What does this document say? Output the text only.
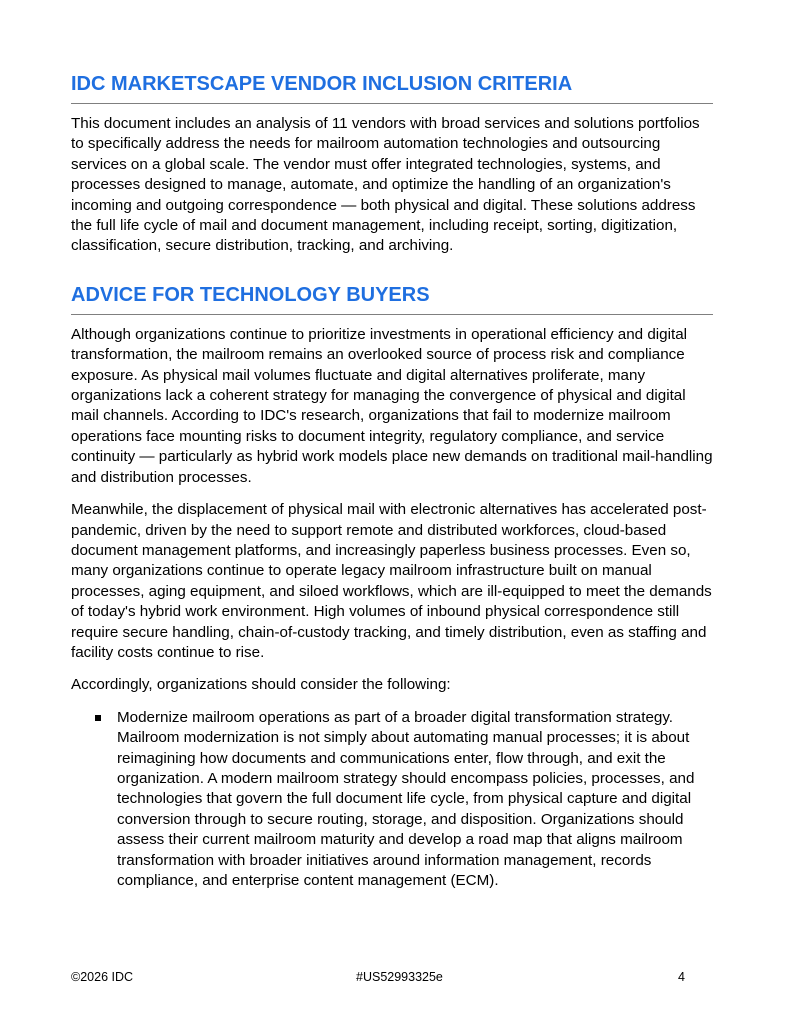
IDC MARKETSCAPE VENDOR INCLUSION CRITERIA

This document includes an analysis of 11 vendors with broad services and solutions portfolios to specifically address the needs for mailroom automation technologies and outsourcing services on a global scale. The vendor must offer integrated technologies, systems, and processes designed to manage, automate, and optimize the handling of an organization's incoming and outgoing correspondence — both physical and digital. These solutions address the full life cycle of mail and document management, including receipt, sorting, digitization, classification, secure distribution, tracking, and archiving.

ADVICE FOR TECHNOLOGY BUYERS

Although organizations continue to prioritize investments in operational efficiency and digital transformation, the mailroom remains an overlooked source of process risk and compliance exposure. As physical mail volumes fluctuate and digital alternatives proliferate, many organizations lack a coherent strategy for managing the convergence of physical and digital mail channels. According to IDC's research, organizations that fail to modernize mailroom operations face mounting risks to document integrity, regulatory compliance, and service continuity — particularly as hybrid work models place new demands on traditional mail-handling and distribution processes.

Meanwhile, the displacement of physical mail with electronic alternatives has accelerated post-pandemic, driven by the need to support remote and distributed workforces, cloud-based document management platforms, and increasingly paperless business processes. Even so, many organizations continue to operate legacy mailroom infrastructure built on manual processes, aging equipment, and siloed workflows, which are ill-equipped to meet the demands of today's hybrid work environment. High volumes of inbound physical correspondence still require secure handling, chain-of-custody tracking, and timely distribution, even as staffing and facility costs continue to rise.

Accordingly, organizations should consider the following:

Modernize mailroom operations as part of a broader digital transformation strategy. Mailroom modernization is not simply about automating manual processes; it is about reimagining how documents and communications enter, flow through, and exit the organization. A modern mailroom strategy should encompass policies, processes, and technologies that govern the full document life cycle, from physical capture and digital conversion through to secure routing, storage, and disposition. Organizations should assess their current mailroom maturity and develop a road map that aligns mailroom transformation with broader initiatives around information management, records compliance, and enterprise content management (ECM).
©2026 IDC	#US52993325e	4
